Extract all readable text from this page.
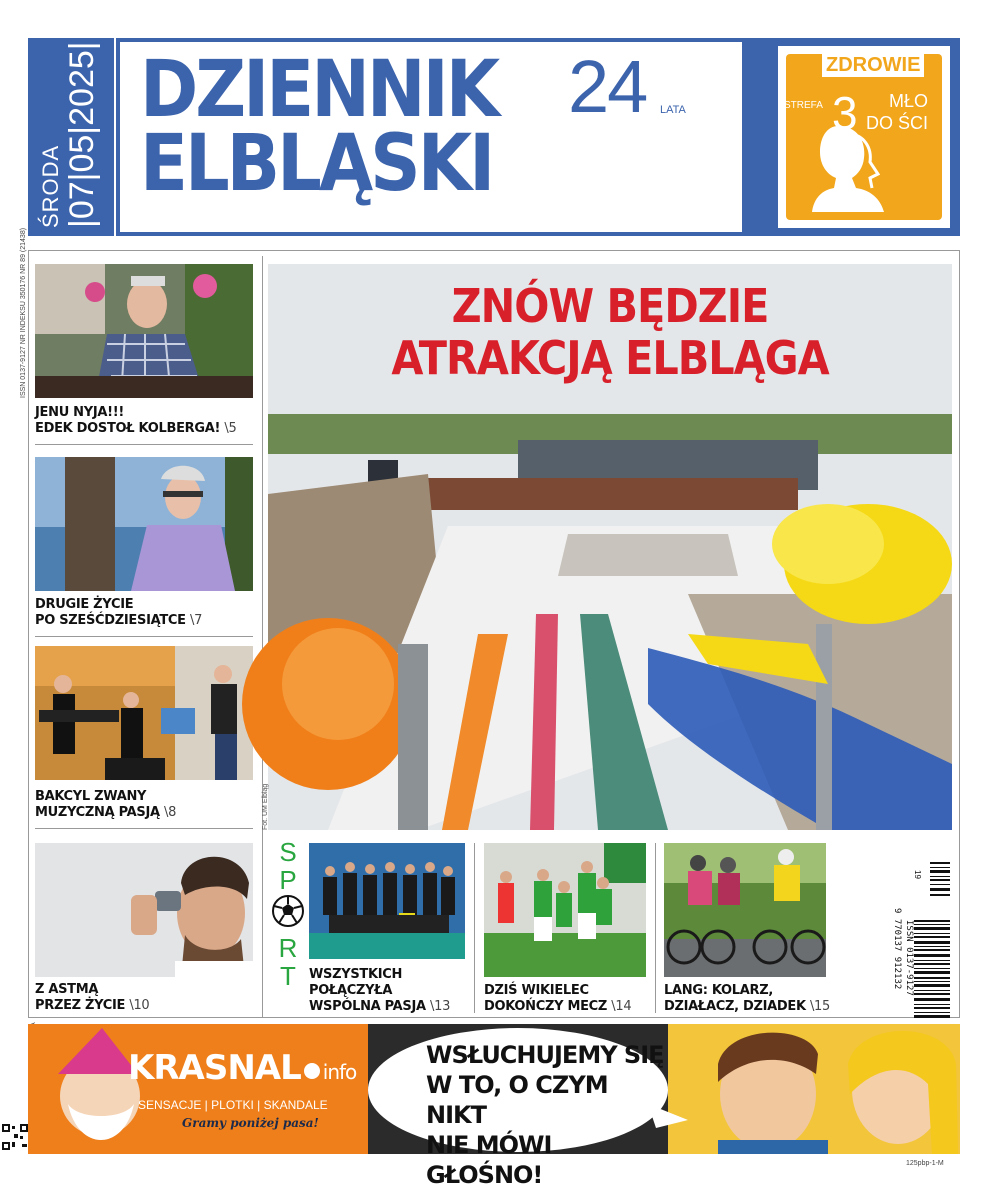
ŚRODA |07|05|2025| DZIENNIK
ELBLĄSKI
24 LATA
cena 3,99 zł (w tym 8% VAT)
ZDROWIE
STREFA 3	MŁO DO ŚCI
ISSN 0137-9127 NR INDEKSU 350176 NR 89 (21438)
JENU NYJA!!!
EDEK DOSTOŁ KOLBERGA! \5
DRUGIE ŻYCIE
PO SZEŚĆDZIESIĄTCE \7
BAKCYL ZWANY
MUZYCZNĄ PASJĄ \8
Z ASTMĄ
PRZEZ ŻYCIE \10
ZNÓW BĘDZIE
ATRAKCJĄ ELBLĄGA
Fot. UM Elbląg
S
P
R
T	WSZYSTKICH
POŁĄCZYŁA
WSPÓLNA PASJA \13
DZIŚ WIKIELEC
DOKOŃCZY MECZ \14
LANG: KOLARZ,
DZIAŁACZ, DZIADEK \15
19
ISSN 0137-9127
9 770137 912132
KRASNAL info
SENSACJE | PLOTKI | SKANDALE
Gramy poniżej pasa!
WSŁUCHUJEMY SIĘ
W TO, O CZYM NIKT
NIE MÓWI GŁOŚNO!	125pbp-1-M
